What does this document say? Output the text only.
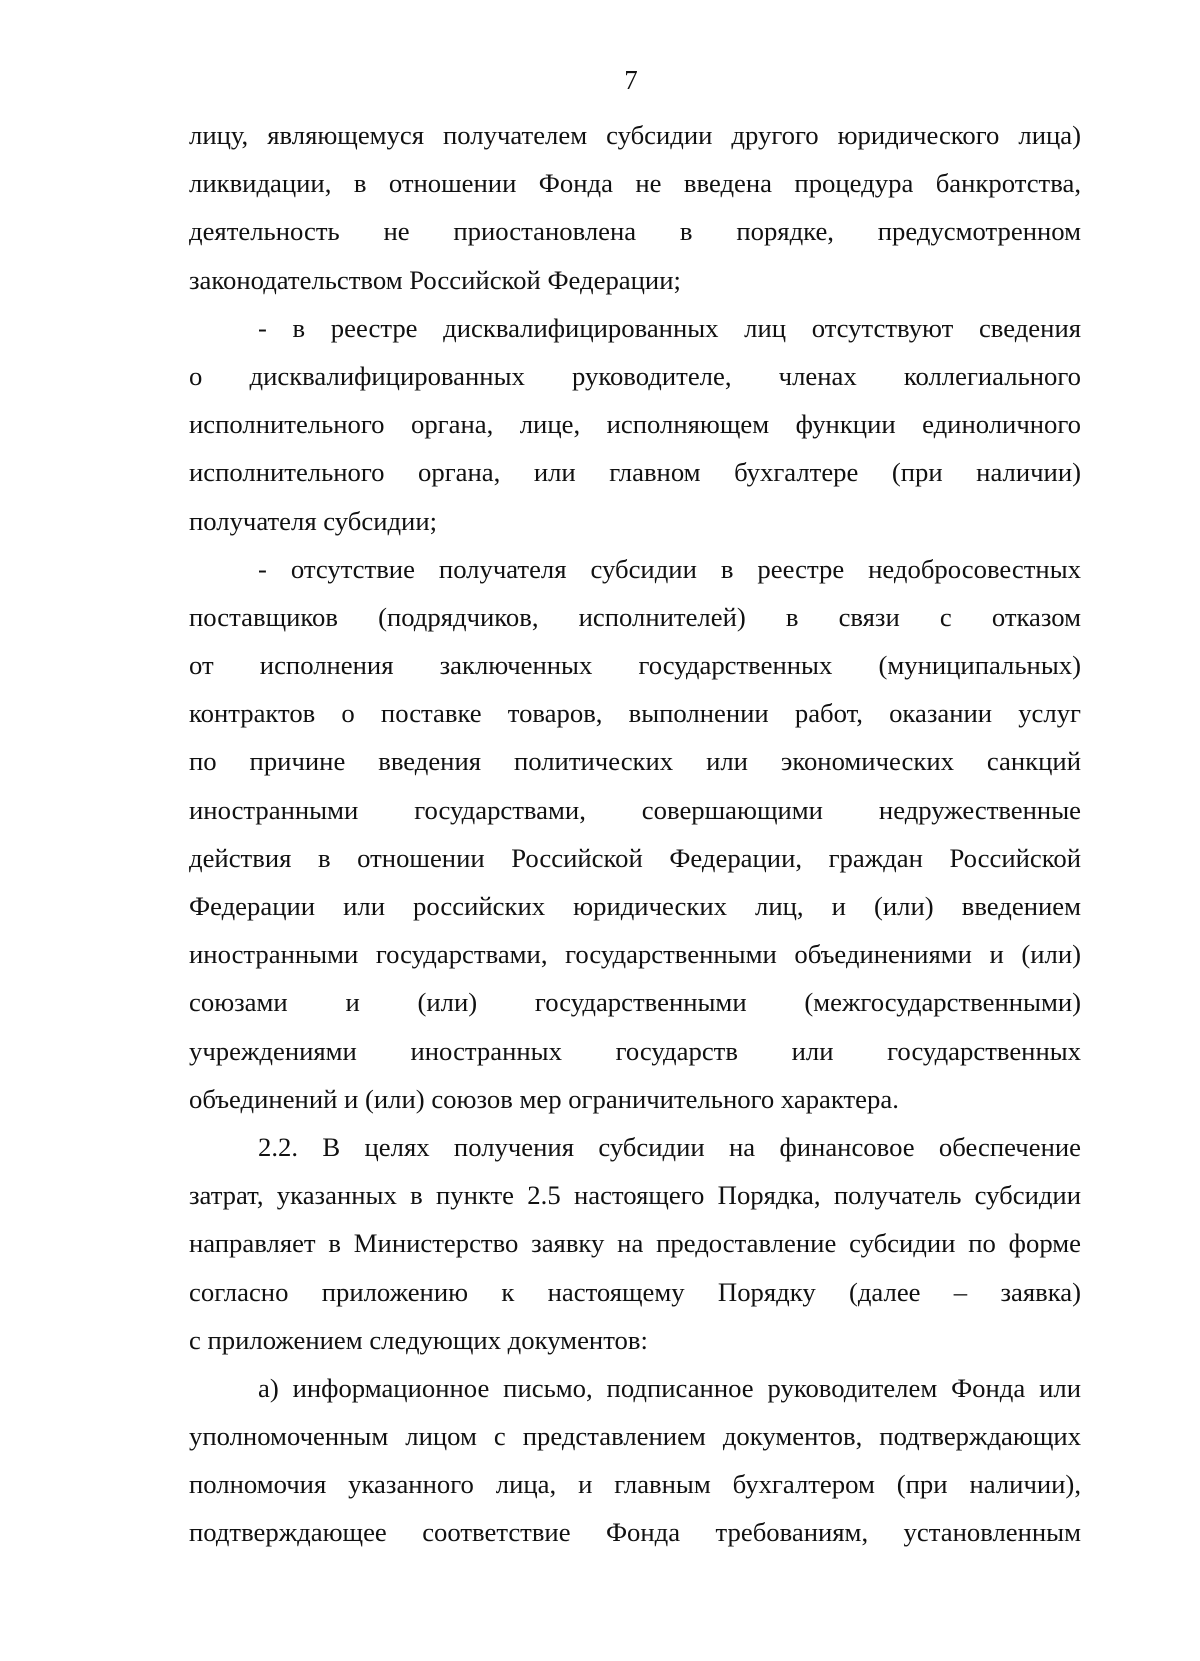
7
лицу, являющемуся получателем субсидии другого юридического лица)
ликвидации, в отношении Фонда не введена процедура банкротства,
деятельность не приостановлена в порядке, предусмотренном
законодательством Российской Федерации;
- в реестре дисквалифицированных лиц отсутствуют сведения
о дисквалифицированных руководителе, членах коллегиального
исполнительного органа, лице, исполняющем функции единоличного
исполнительного органа, или главном бухгалтере (при наличии)
получателя субсидии;
- отсутствие получателя субсидии в реестре недобросовестных
поставщиков (подрядчиков, исполнителей) в связи с отказом
от исполнения заключенных государственных (муниципальных)
контрактов о поставке товаров, выполнении работ, оказании услуг
по причине введения политических или экономических санкций
иностранными государствами, совершающими недружественные
действия в отношении Российской Федерации, граждан Российской
Федерации или российских юридических лиц, и (или) введением
иностранными государствами, государственными объединениями и (или)
союзами и (или) государственными (межгосударственными)
учреждениями иностранных государств или государственных
объединений и (или) союзов мер ограничительного характера.
2.2. В целях получения субсидии на финансовое обеспечение
затрат, указанных в пункте 2.5 настоящего Порядка, получатель субсидии
направляет в Министерство заявку на предоставление субсидии по форме
согласно приложению к настоящему Порядку (далее – заявка)
с приложением следующих документов:
а) информационное письмо, подписанное руководителем Фонда или
уполномоченным лицом с представлением документов, подтверждающих
полномочия указанного лица, и главным бухгалтером (при наличии),
подтверждающее соответствие Фонда требованиям, установленным
